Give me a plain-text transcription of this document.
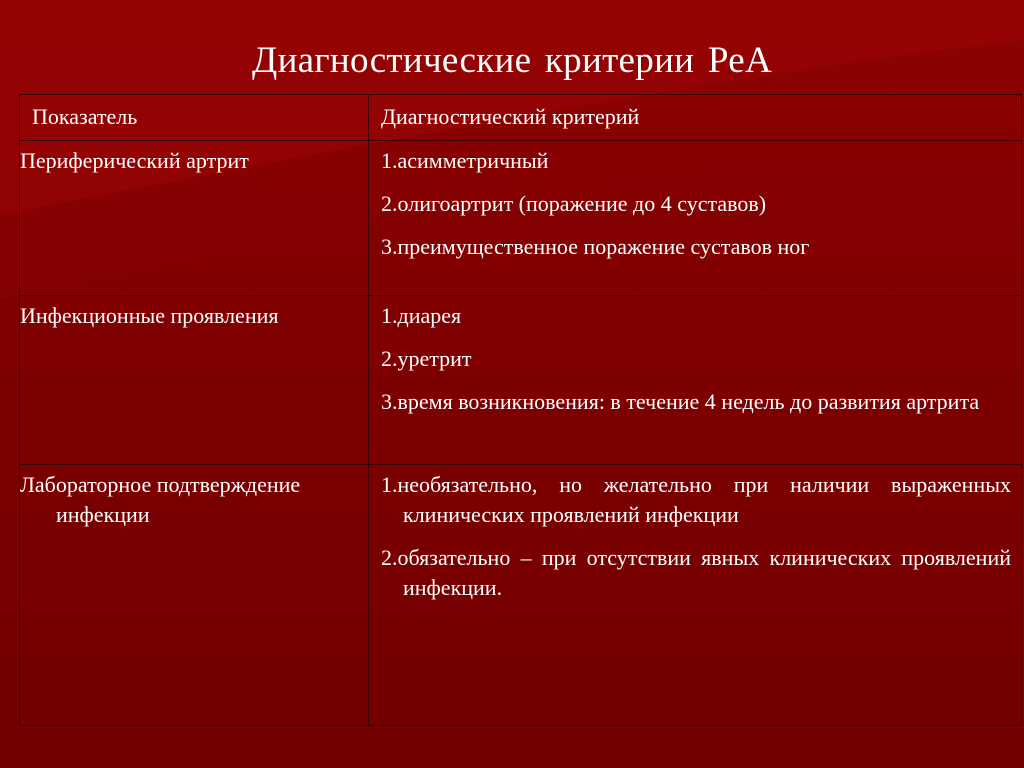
Диагностические критерии РеА
Показатель	Диагностический критерий

Периферический артрит	1.асимметричный

2.олигоартрит (поражение до 4 суставов)

3.преимущественное поражение суставов ног

Инфекционные проявления	1.диарея

2.уретрит

3.время возникновения: в течение 4 недель до развития артрита

Лабораторное подтверждение инфекции	1.необязательно, но желательно при наличии выраженных клинических проявлений инфекции

2.обязательно – при отсутствии явных клинических проявлений инфекции.
